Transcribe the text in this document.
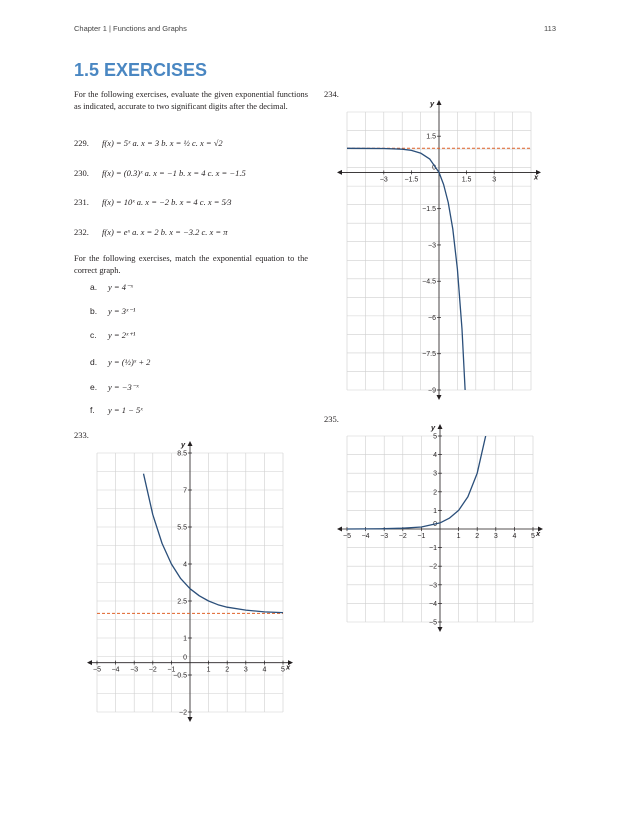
Chapter 1 | Functions and Graphs	113
1.5 EXERCISES

For the following exercises, evaluate the given exponential functions as indicated, accurate to two significant digits after the decimal.

229. f(x) = 5ˣ a. x = 3 b. x = ½ c. x = √2
230. f(x) = (0.3)ˣ a. x = −1 b. x = 4 c. x = −1.5
231. f(x) = 10ˣ a. x = −2 b. x = 4 c. x = 5⁄3
232. f(x) = eˣ a. x = 2 b. x = −3.2 c. x = π

For the following exercises, match the exponential equation to the correct graph.

a. y = 4⁻ˣ
b. y = 3ˣ⁻¹
c. y = 2ˣ⁺¹
d. y = (½)ˣ + 2
e. y = −3⁻ˣ
f. y = 1 − 5ˣ
233.
234.
235.
x
y
−5 −4 −3 −2 −1	1 2 3 4 5
−2
−0.5
1
2.5
4
5.5
7
8.5
0
x
y
−3 −1.5	1.5	3
−9
−7.5
−6
−4.5
−3
−1.5
1.5
0
x
y
−5 −4 −3 −2 −1	1 2 3 4 5
−5
−4
−3
−2
−1
1
2
3
4
5
0
